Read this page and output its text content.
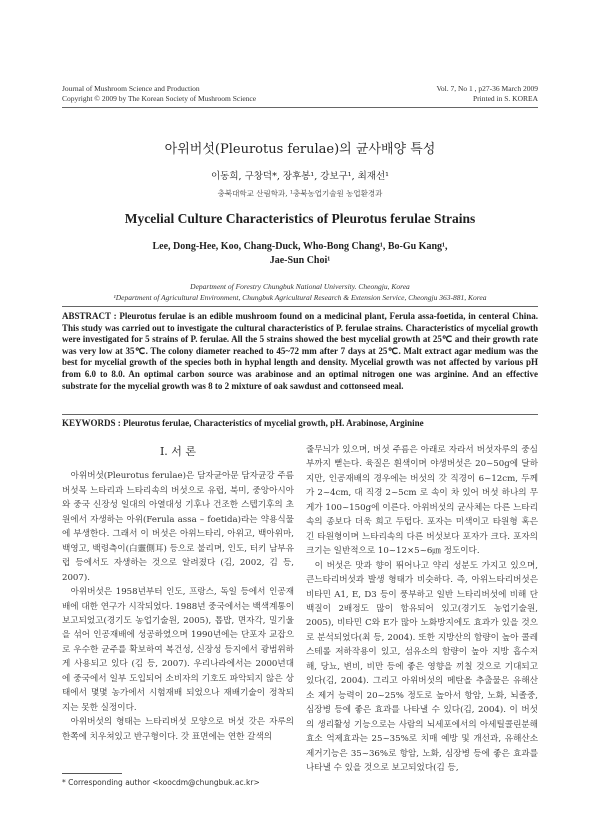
Journal of Mushroom Science and Production
Copyright © 2009 by The Korean Society of Mushroom Science
Vol. 7, No 1 , p27-36 March 2009
Printed in S. KOREA
아위버섯(Pleurotus ferulae)의 균사배양 특성
이동희, 구창덕*, 장후봉¹, 강보구¹, 최재선¹
충북대학교 산림학과, ¹충북농업기술원 농업환경과
Mycelial Culture Characteristics of Pleurotus ferulae Strains
Lee, Dong-Hee, Koo, Chang-Duck, Who-Bong Chang¹, Bo-Gu Kang¹,
Jae-Sun Choi¹
Department of Forestry Chungbuk National University. Cheongju, Korea
¹Department of Agricultural Environment, Chungbuk Agricultural Research & Extension Service, Cheongju 363-881, Korea
ABSTRACT : Pleurotus ferulae is an edible mushroom found on a medicinal plant, Ferula assa-foetida, in centeral China. This study was carried out to investigate the cultural characteristics of P. ferulae strains. Characteristics of mycelial growth were investigated for 5 strains of P. ferulae. All the 5 strains showed the best mycelial growth at 25℃ and their growth rate was very low at 35℃. The colony diameter reached to 45~72 mm after 7 days at 25℃. Malt extract agar medium was the best for mycelial growth of the species both in hyphal length and density. Mycelial growth was not affected by various pH from 6.0 to 8.0. An optimal carbon source was arabinose and an optimal nitrogen one was arginine. And an effective substrate for the mycelial growth was 8 to 2 mixture of oak sawdust and cottonseed meal.
KEYWORDS : Pleurotus ferulae, Characteristics of mycelial growth, pH. Arabinose, Arginine
Ⅰ. 서 론

아위버섯(Pleurotus ferulae)은 담자균아문 담자균강 주름버섯목 느타리과 느타리속의 버섯으로 유럽, 북미, 중앙아시아와 중국 신장성 일대의 아열대성 기후나 건조한 스텝기후의 초원에서 자생하는 아위(Ferula assa – foetida)라는 약용식물에 부생한다. 그래서 이 버섯은 아위느타리, 아위고, 백아위마, 백영고, 백령측이(白靈側耳) 등으로 불리며, 인도, 터키 남부유럽 등에서도 자생하는 것으로 알려졌다 (김, 2002, 김 등, 2007).

아위버섯은 1958년부터 인도, 프랑스, 독일 등에서 인공재배에 대한 연구가 시작되었다. 1988년 중국에서는 백색계통이 보고되었고(경기도 농업기술원, 2005), 톱밥, 면자각, 밀기울을 섞어 인공재배에 성공하였으며 1990년에는 단포자 교잡으로 우수한 균주를 확보하여 복건성, 신장성 등지에서 광범위하게 사용되고 있다 (김 등, 2007). 우리나라에서는 2000년대에 중국에서 일부 도입되어 소비자의 기호도 파악되지 않은 상태에서 몇몇 농가에서 시험재배 되었으나 재배기술이 정착되지는 못한 실정이다.

아위버섯의 형태는 느타리버섯 모양으로 버섯 갓은 자루의 한쪽에 치우쳐있고 반구형이다. 갓 표면에는 연한 갈색의

줄무늬가 있으며, 버섯 주름은 아래로 자라서 버섯자루의 중심부까지 뻗는다. 육질은 흰색이며 야생버섯은 20~50g에 달하지만, 인공재배의 경우에는 버섯의 갓 직경이 6~12cm, 두께가 2~4cm, 대 직경 2~5cm 로 속이 차 있어 버섯 하나의 무게가 100~150g에 이른다. 아위버섯의 균사체는 다른 느타리속의 종보다 더욱 희고 두텁다. 포자는 미색이고 타원형 혹은 긴 타원형이며 느타리속의 다른 버섯보다 포자가 크다. 포자의 크기는 일반적으로 10~12×5~6㎛ 정도이다.

이 버섯은 맛과 향이 뛰어나고 약리 성분도 가지고 있으며, 큰느타리버섯과 발생 형태가 비슷하다. 즉, 아위느타리버섯은 비타민 A1, E, D3 등이 풍부하고 일반 느타리버섯에 비해 단백질이 2배정도 많이 함유되어 있고(경기도 농업기술원, 2005), 비타민 C와 E가 많아 노화방지에도 효과가 있을 것으로 분석되었다(최 등, 2004). 또한 지방산의 함량이 높아 콜레스테롤 저하작용이 있고, 섬유소의 함량이 높아 지방 흡수저해, 당뇨, 변비, 비만 등에 좋은 영향을 끼칠 것으로 기대되고 있다(김, 2004). 그리고 아위버섯의 메탄올 추출물은 유해산소 제거 능력이 20~25% 정도로 높아서 항암, 노화, 뇌졸중, 심장병 등에 좋은 효과를 나타낼 수 있다(김, 2004). 이 버섯의 생리활성 기능으로는 사람의 뇌세포에서의 아세틸콜린분해효소 억제효과는 25~35%로 치매 예방 및 개선과, 유해산소 제거기능은 35~36%로 항암, 노화, 심장병 등에 좋은 효과를 나타낼 수 있을 것으로 보고되었다(김 등,

* Corresponding author <koocdm@chungbuk.ac.kr>
